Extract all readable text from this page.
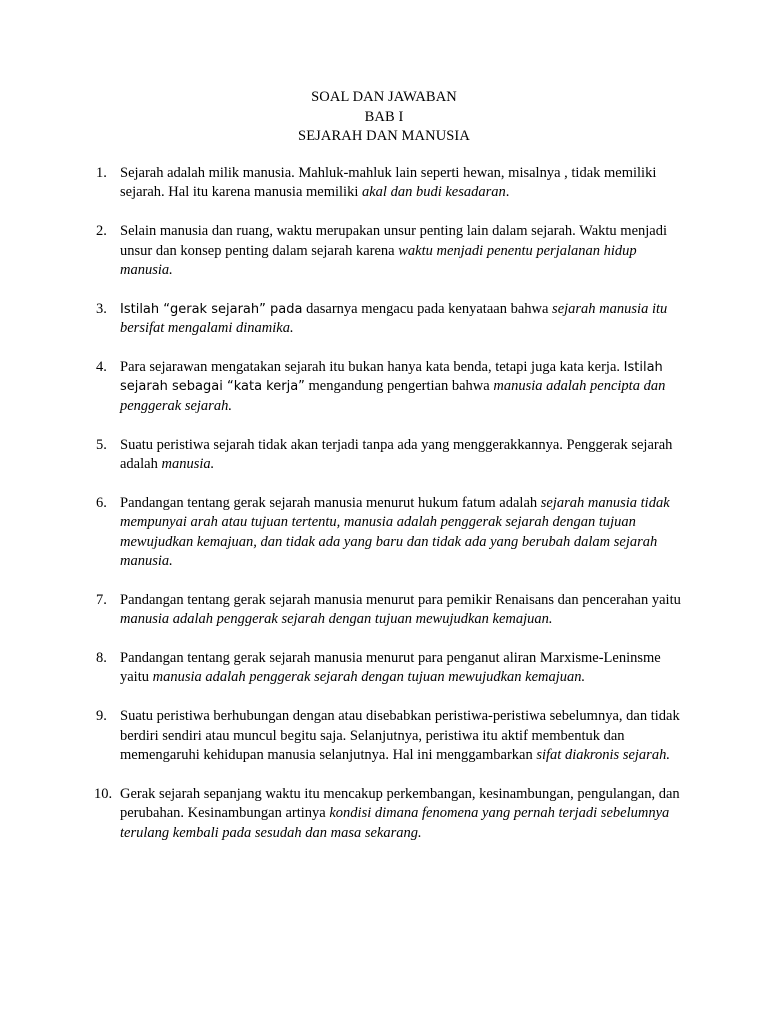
SOAL DAN JAWABAN
BAB I
SEJARAH DAN MANUSIA
1. Sejarah adalah milik manusia. Mahluk-mahluk lain seperti hewan, misalnya , tidak memiliki sejarah. Hal itu karena manusia memiliki akal dan budi kesadaran.
2. Selain manusia dan ruang, waktu merupakan unsur penting lain dalam sejarah. Waktu menjadi unsur dan konsep penting dalam sejarah karena waktu menjadi penentu perjalanan hidup manusia.
3. Istilah “gerak sejarah” pada dasarnya mengacu pada kenyataan bahwa sejarah manusia itu bersifat mengalami dinamika.
4. Para sejarawan mengatakan sejarah itu bukan hanya kata benda, tetapi juga kata kerja. Istilah sejarah sebagai “kata kerja” mengandung pengertian bahwa manusia adalah pencipta dan penggerak sejarah.
5. Suatu peristiwa sejarah tidak akan terjadi tanpa ada yang menggerakkannya. Penggerak sejarah adalah manusia.
6. Pandangan tentang gerak sejarah manusia menurut hukum fatum adalah sejarah manusia tidak mempunyai arah atau tujuan tertentu, manusia adalah penggerak sejarah dengan tujuan mewujudkan kemajuan, dan tidak ada yang baru dan tidak ada yang berubah dalam sejarah manusia.
7. Pandangan tentang gerak sejarah manusia menurut para pemikir Renaisans dan pencerahan yaitu manusia adalah penggerak sejarah dengan tujuan mewujudkan kemajuan.
8. Pandangan tentang gerak sejarah manusia menurut para penganut aliran Marxisme-Leninsme yaitu manusia adalah penggerak sejarah dengan tujuan mewujudkan kemajuan.
9. Suatu peristiwa berhubungan dengan atau disebabkan peristiwa-peristiwa sebelumnya, dan tidak berdiri sendiri atau muncul begitu saja. Selanjutnya, peristiwa itu aktif membentuk dan memengaruhi kehidupan manusia selanjutnya. Hal ini menggambarkan sifat diakronis sejarah.
10. Gerak sejarah sepanjang waktu itu mencakup perkembangan, kesinambungan, pengulangan, dan perubahan. Kesinambungan artinya kondisi dimana fenomena yang pernah terjadi sebelumnya terulang kembali pada sesudah dan masa sekarang.
